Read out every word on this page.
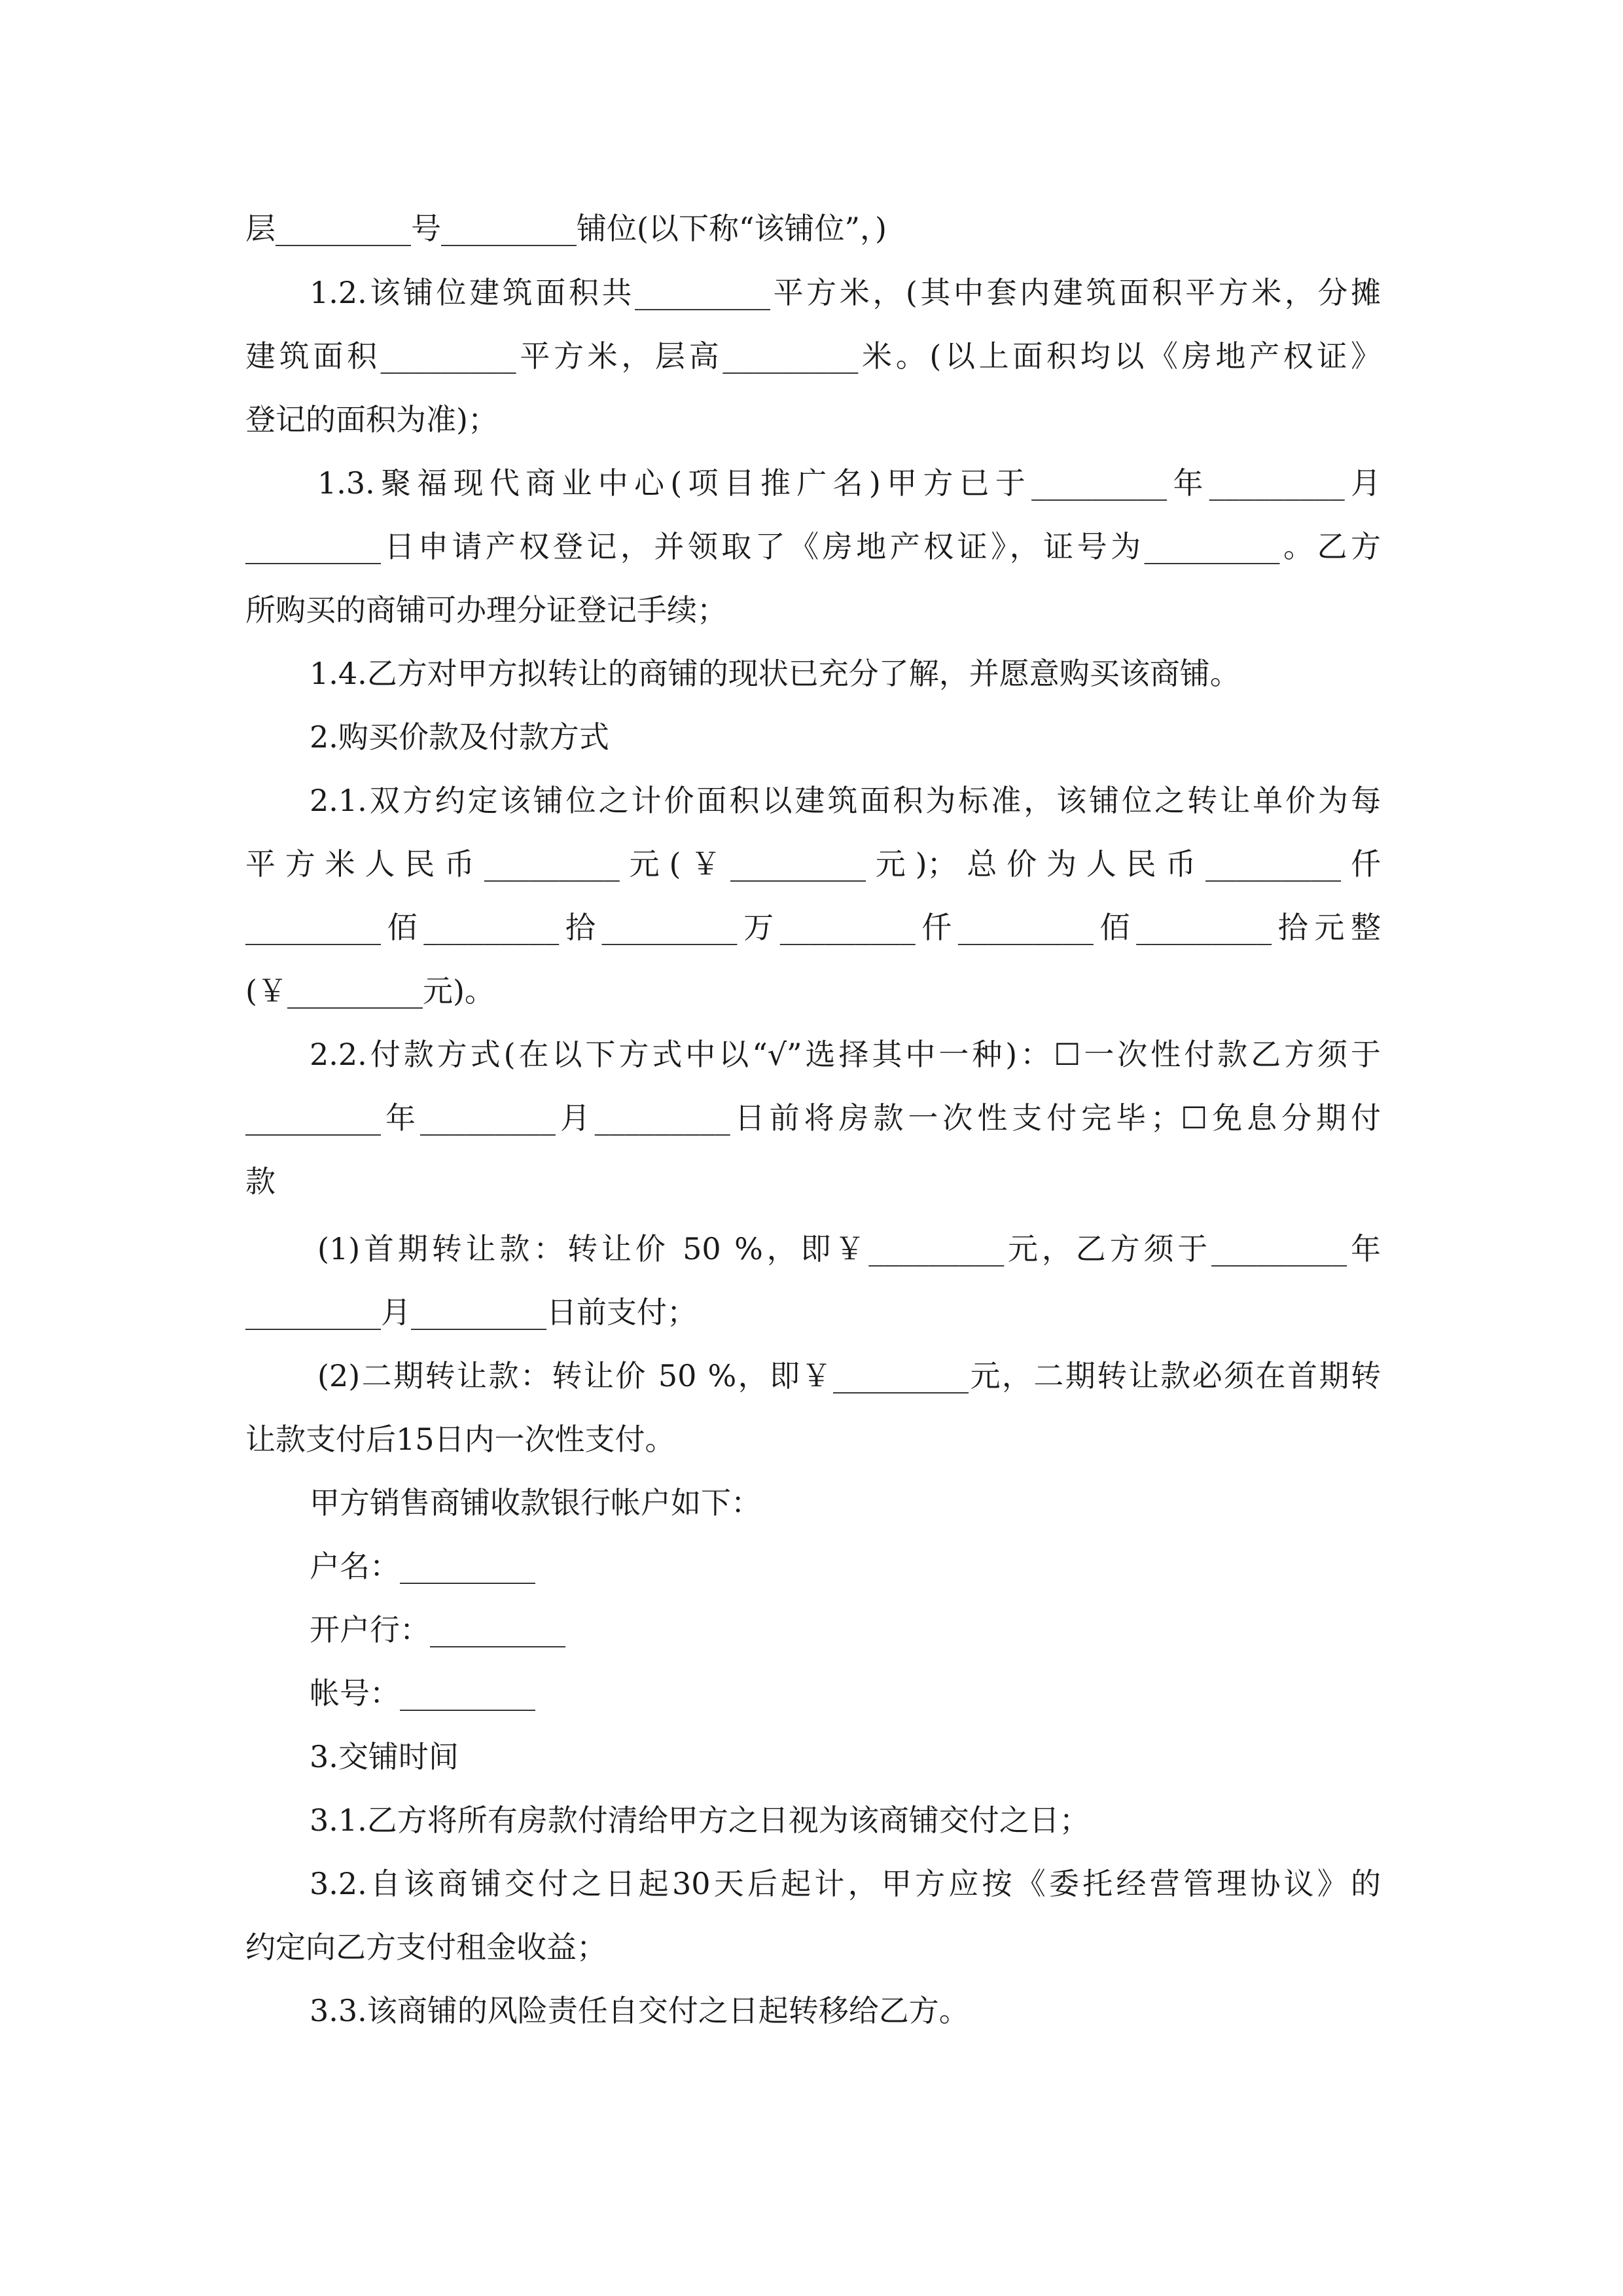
层_________号_________铺位(以下称“该铺位”，)
1.2.该铺位建筑面积共_________平方米，(其中套内建筑面积平方米，分摊
建筑面积_________平方米，层高_________米。(以上面积均以《房地产权证》
登记的面积为准)；
1.3.聚福现代商业中心(项目推广名)甲方已于_________年_________月
_________日申请产权登记，并领取了《房地产权证》，证号为_________。乙方
所购买的商铺可办理分证登记手续；
1.4.乙方对甲方拟转让的商铺的现状已充分了解，并愿意购买该商铺。
2.购买价款及付款方式
2.1.双方约定该铺位之计价面积以建筑面积为标准，该铺位之转让单价为每
平方米人民币_________元(￥_________元)；总价为人民币_________仟
_________佰_________拾_________万_________仟_________佰_________拾元整
(￥_________元)。
2.2.付款方式(在以下方式中以“√”选择其中一种)：☐一次性付款乙方须于
_________年_________月_________日前将房款一次性支付完毕；☐免息分期付
款
(1)首期转让款：转让价 50 %，即￥_________元，乙方须于_________年
_________月_________日前支付；
(2)二期转让款：转让价 50 %，即￥_________元，二期转让款必须在首期转
让款支付后15日内一次性支付。
甲方销售商铺收款银行帐户如下：
户名：_________
开户行：_________
帐号：_________
3.交铺时间
3.1.乙方将所有房款付清给甲方之日视为该商铺交付之日；
3.2.自该商铺交付之日起30天后起计，甲方应按《委托经营管理协议》的
约定向乙方支付租金收益；
3.3.该商铺的风险责任自交付之日起转移给乙方。
